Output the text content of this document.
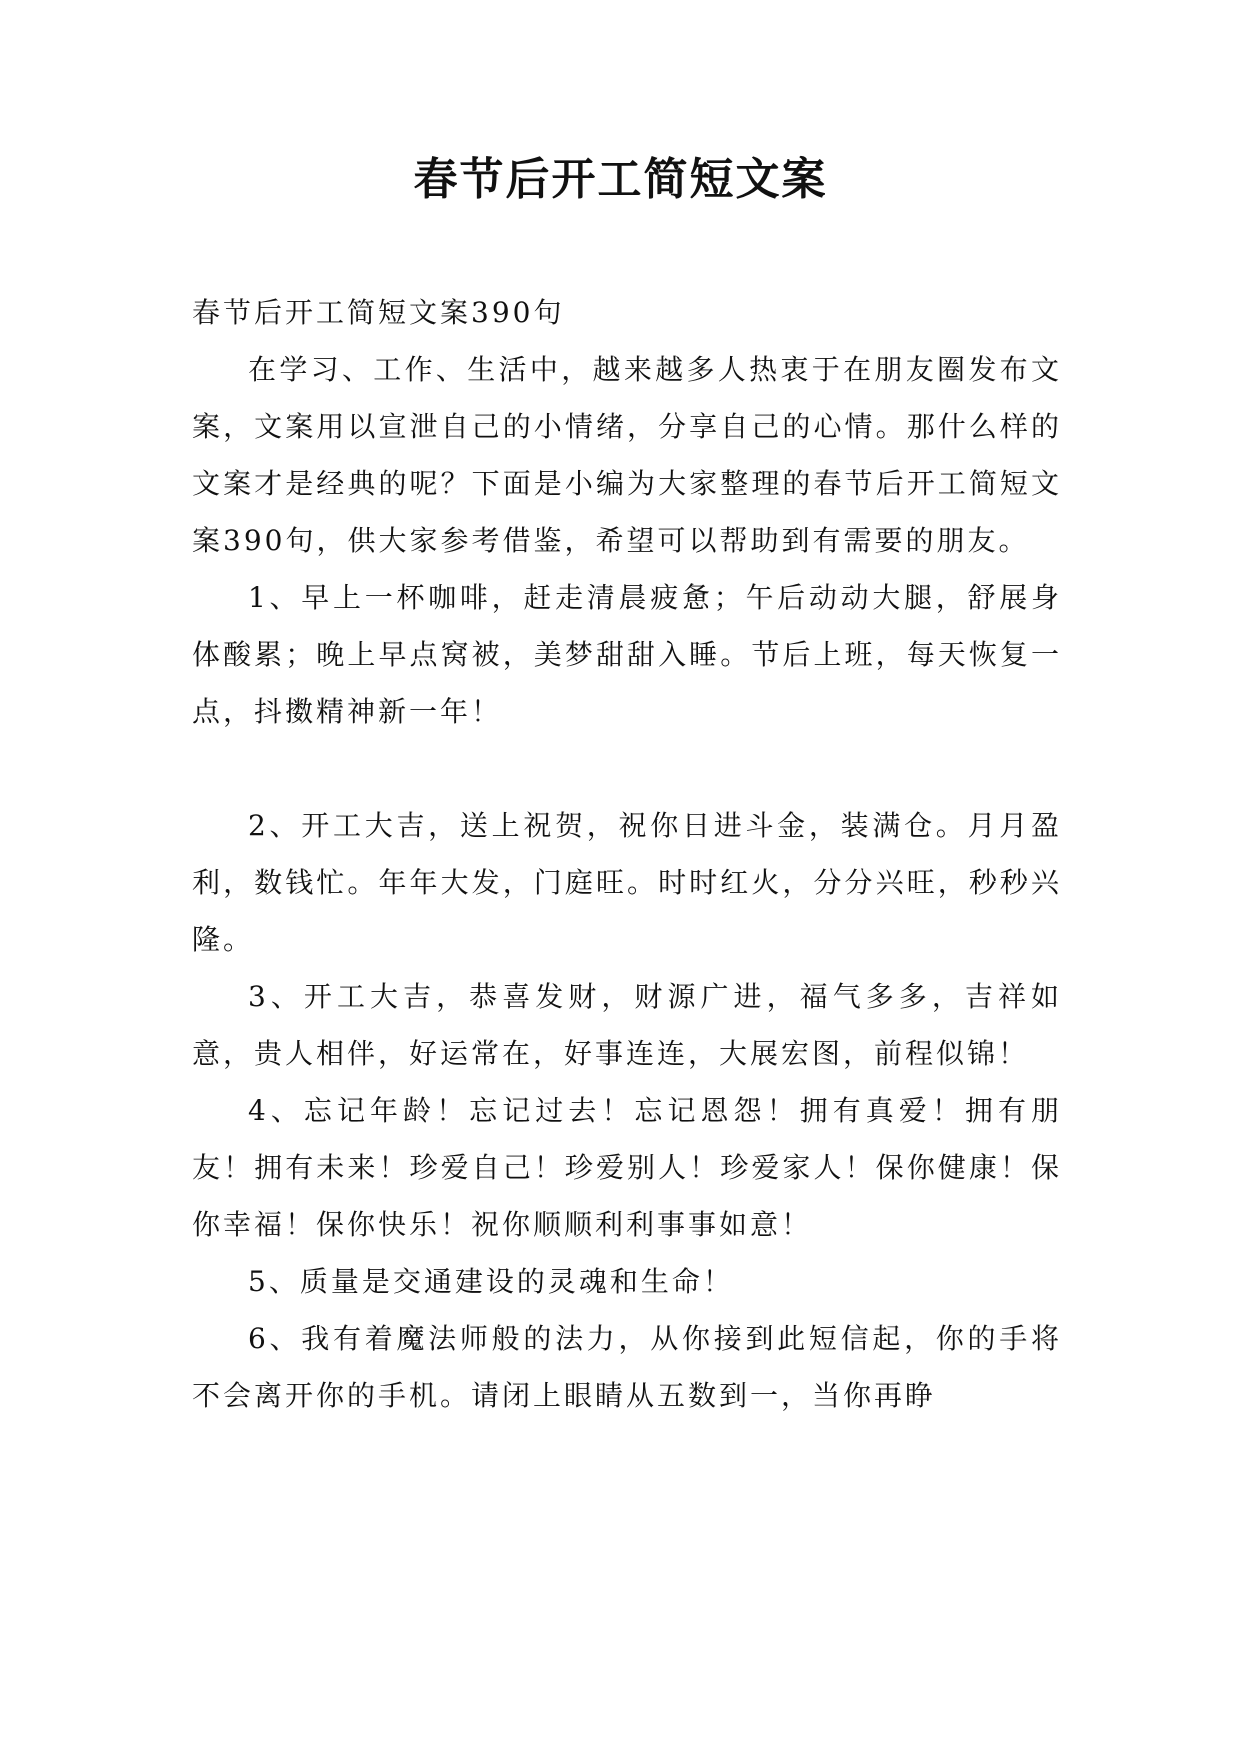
春节后开工简短文案

春节后开工简短文案390句

在学习、工作、生活中，越来越多人热衷于在朋友圈发布文案，文案用以宣泄自己的小情绪，分享自己的心情。那什么样的文案才是经典的呢？下面是小编为大家整理的春节后开工简短文案390句，供大家参考借鉴，希望可以帮助到有需要的朋友。

1、早上一杯咖啡，赶走清晨疲惫；午后动动大腿，舒展身体酸累；晚上早点窝被，美梦甜甜入睡。节后上班，每天恢复一点，抖擞精神新一年！

2、开工大吉，送上祝贺，祝你日进斗金，装满仓。月月盈利，数钱忙。年年大发，门庭旺。时时红火，分分兴旺，秒秒兴隆。

3、开工大吉，恭喜发财，财源广进，福气多多，吉祥如意，贵人相伴，好运常在，好事连连，大展宏图，前程似锦！

4、忘记年龄！忘记过去！忘记恩怨！拥有真爱！拥有朋友！拥有未来！珍爱自己！珍爱别人！珍爱家人！保你健康！保你幸福！保你快乐！祝你顺顺利利事事如意！

5、质量是交通建设的灵魂和生命！

6、我有着魔法师般的法力，从你接到此短信起，你的手将不会离开你的手机。请闭上眼睛从五数到一，当你再睁
